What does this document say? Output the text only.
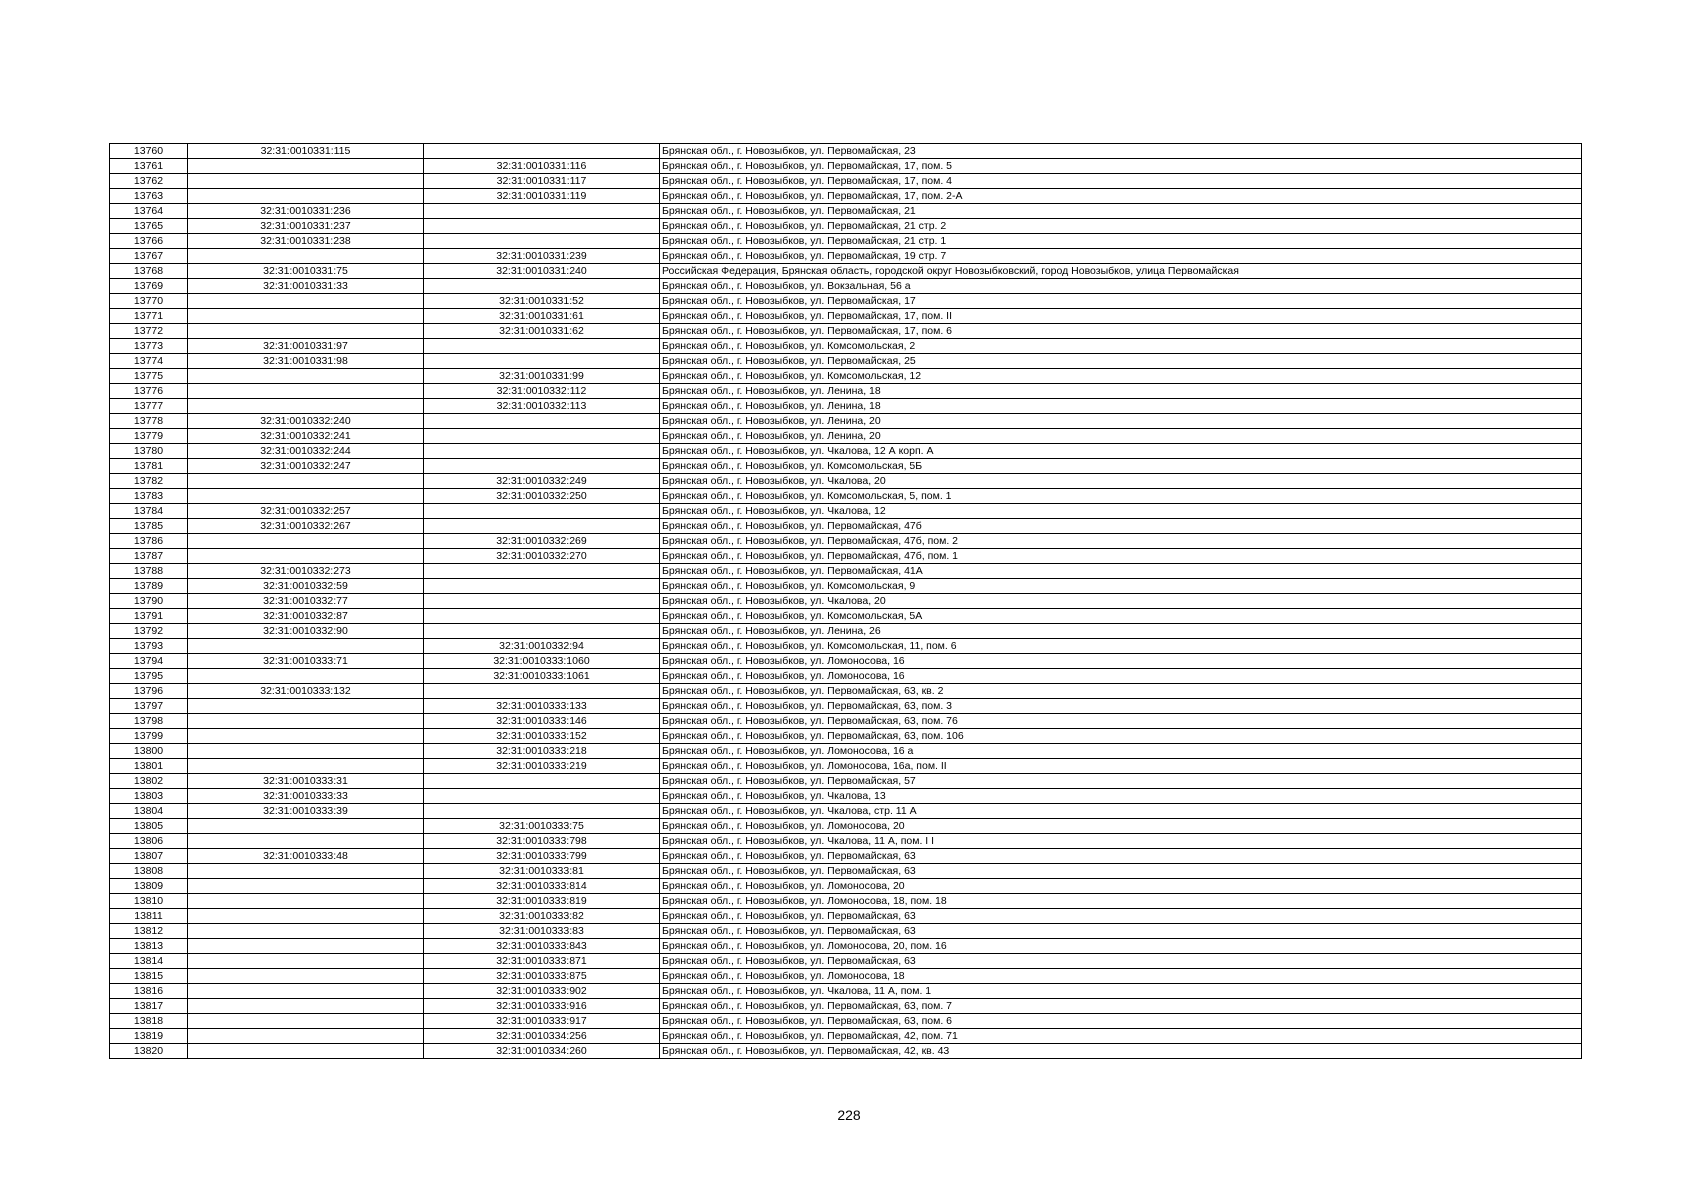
13760	32:31:0010331:115		Брянская обл., г. Новозыбков, ул. Первомайская, 23
13761		32:31:0010331:116	Брянская обл., г. Новозыбков, ул. Первомайская, 17, пом. 5
13762		32:31:0010331:117	Брянская обл., г. Новозыбков, ул. Первомайская, 17, пом. 4
13763		32:31:0010331:119	Брянская обл., г. Новозыбков, ул. Первомайская, 17, пом. 2-А
13764	32:31:0010331:236		Брянская обл., г. Новозыбков, ул. Первомайская, 21
13765	32:31:0010331:237		Брянская обл., г. Новозыбков, ул. Первомайская, 21 стр. 2
13766	32:31:0010331:238		Брянская обл., г. Новозыбков, ул. Первомайская, 21 стр. 1
13767		32:31:0010331:239	Брянская обл., г. Новозыбков, ул. Первомайская, 19 стр. 7
13768	32:31:0010331:75	32:31:0010331:240	Российская Федерация, Брянская область, городской округ Новозыбковский, город Новозыбков, улица Первомайская
13769	32:31:0010331:33		Брянская обл., г. Новозыбков, ул. Вокзальная, 56 а
13770		32:31:0010331:52	Брянская обл., г. Новозыбков, ул. Первомайская, 17
13771		32:31:0010331:61	Брянская обл., г. Новозыбков, ул. Первомайская, 17, пом. II
13772		32:31:0010331:62	Брянская обл., г. Новозыбков, ул. Первомайская, 17, пом. 6
13773	32:31:0010331:97		Брянская обл., г. Новозыбков, ул. Комсомольская, 2
13774	32:31:0010331:98		Брянская обл., г. Новозыбков, ул. Первомайская, 25
13775		32:31:0010331:99	Брянская обл., г. Новозыбков, ул. Комсомольская, 12
13776		32:31:0010332:112	Брянская обл., г. Новозыбков, ул. Ленина, 18
13777		32:31:0010332:113	Брянская обл., г. Новозыбков, ул. Ленина, 18
13778	32:31:0010332:240		Брянская обл., г. Новозыбков, ул. Ленина, 20
13779	32:31:0010332:241		Брянская обл., г. Новозыбков, ул. Ленина, 20
13780	32:31:0010332:244		Брянская обл., г. Новозыбков, ул. Чкалова, 12 А корп. А
13781	32:31:0010332:247		Брянская обл., г. Новозыбков, ул. Комсомольская, 5Б
13782		32:31:0010332:249	Брянская обл., г. Новозыбков, ул. Чкалова, 20
13783		32:31:0010332:250	Брянская обл., г. Новозыбков, ул. Комсомольская, 5, пом. 1
13784	32:31:0010332:257		Брянская обл., г. Новозыбков, ул. Чкалова, 12
13785	32:31:0010332:267		Брянская обл., г. Новозыбков, ул. Первомайская, 47б
13786		32:31:0010332:269	Брянская обл., г. Новозыбков, ул. Первомайская, 47б, пом. 2
13787		32:31:0010332:270	Брянская обл., г. Новозыбков, ул. Первомайская, 47б, пом. 1
13788	32:31:0010332:273		Брянская обл., г. Новозыбков, ул. Первомайская, 41А
13789	32:31:0010332:59		Брянская обл., г. Новозыбков, ул. Комсомольская, 9
13790	32:31:0010332:77		Брянская обл., г. Новозыбков, ул. Чкалова, 20
13791	32:31:0010332:87		Брянская обл., г. Новозыбков, ул. Комсомольская, 5А
13792	32:31:0010332:90		Брянская обл., г. Новозыбков, ул. Ленина, 26
13793		32:31:0010332:94	Брянская обл., г. Новозыбков, ул. Комсомольская, 11, пом. 6
13794	32:31:0010333:71	32:31:0010333:1060	Брянская обл., г. Новозыбков, ул. Ломоносова, 16
13795		32:31:0010333:1061	Брянская обл., г. Новозыбков, ул. Ломоносова, 16
13796	32:31:0010333:132		Брянская обл., г. Новозыбков, ул. Первомайская, 63, кв. 2
13797		32:31:0010333:133	Брянская обл., г. Новозыбков, ул. Первомайская, 63, пом. 3
13798		32:31:0010333:146	Брянская обл., г. Новозыбков, ул. Первомайская, 63, пом. 76
13799		32:31:0010333:152	Брянская обл., г. Новозыбков, ул. Первомайская, 63, пом. 106
13800		32:31:0010333:218	Брянская обл., г. Новозыбков, ул. Ломоносова, 16 а
13801		32:31:0010333:219	Брянская обл., г. Новозыбков, ул. Ломоносова, 16а, пом. II
13802	32:31:0010333:31		Брянская обл., г. Новозыбков, ул. Первомайская, 57
13803	32:31:0010333:33		Брянская обл., г. Новозыбков, ул. Чкалова, 13
13804	32:31:0010333:39		Брянская обл., г. Новозыбков, ул. Чкалова, стр. 11 А
13805		32:31:0010333:75	Брянская обл., г. Новозыбков, ул. Ломоносова, 20
13806		32:31:0010333:798	Брянская обл., г. Новозыбков, ул. Чкалова, 11 А, пом. I I
13807	32:31:0010333:48	32:31:0010333:799	Брянская обл., г. Новозыбков, ул. Первомайская, 63
13808		32:31:0010333:81	Брянская обл., г. Новозыбков, ул. Первомайская, 63
13809		32:31:0010333:814	Брянская обл., г. Новозыбков, ул. Ломоносова, 20
13810		32:31:0010333:819	Брянская обл., г. Новозыбков, ул. Ломоносова, 18, пом. 18
13811		32:31:0010333:82	Брянская обл., г. Новозыбков, ул. Первомайская, 63
13812		32:31:0010333:83	Брянская обл., г. Новозыбков, ул. Первомайская, 63
13813		32:31:0010333:843	Брянская обл., г. Новозыбков, ул. Ломоносова, 20, пом. 16
13814		32:31:0010333:871	Брянская обл., г. Новозыбков, ул. Первомайская, 63
13815		32:31:0010333:875	Брянская обл., г. Новозыбков, ул. Ломоносова, 18
13816		32:31:0010333:902	Брянская обл., г. Новозыбков, ул. Чкалова, 11 А, пом. 1
13817		32:31:0010333:916	Брянская обл., г. Новозыбков, ул. Первомайская, 63, пом. 7
13818		32:31:0010333:917	Брянская обл., г. Новозыбков, ул. Первомайская, 63, пом. 6
13819		32:31:0010334:256	Брянская обл., г. Новозыбков, ул. Первомайская, 42, пом. 71
13820		32:31:0010334:260	Брянская обл., г. Новозыбков, ул. Первомайская, 42, кв. 43
228
